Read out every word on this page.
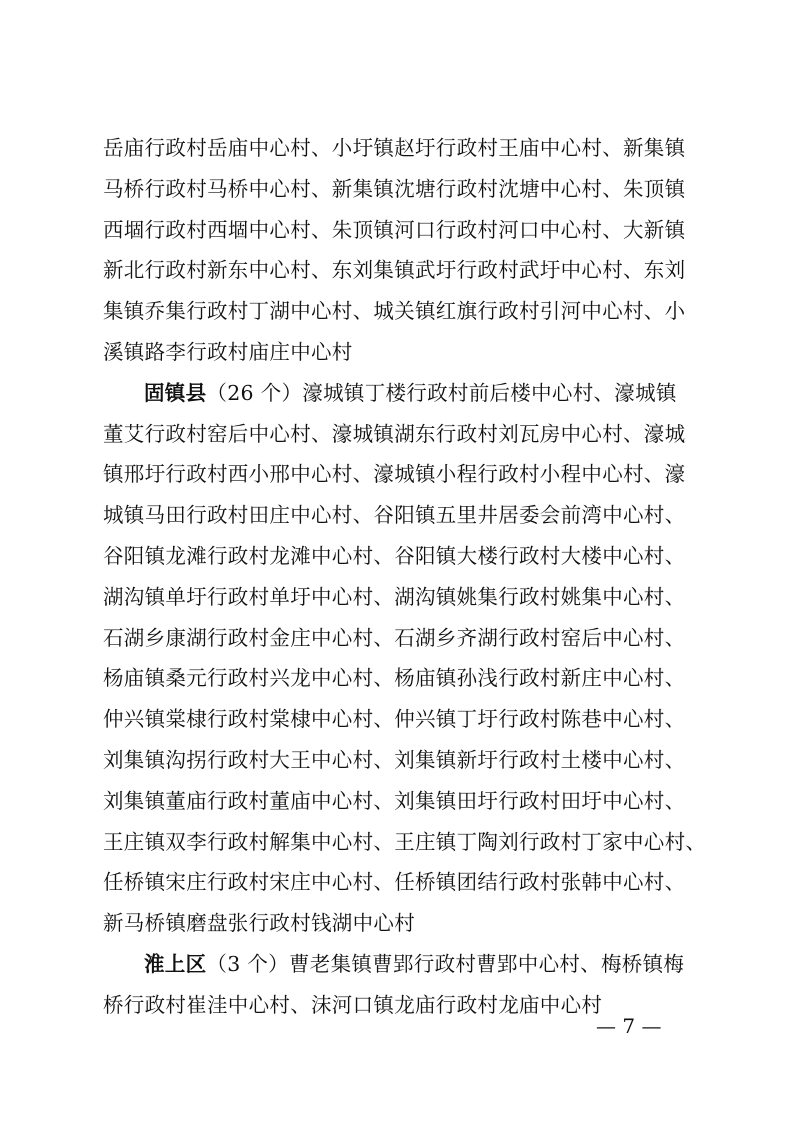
岳庙行政村岳庙中心村、小圩镇赵圩行政村王庙中心村、新集镇
马桥行政村马桥中心村、新集镇沈塘行政村沈塘中心村、朱顶镇
西堌行政村西堌中心村、朱顶镇河口行政村河口中心村、大新镇
新北行政村新东中心村、东刘集镇武圩行政村武圩中心村、东刘
集镇乔集行政村丁湖中心村、城关镇红旗行政村引河中心村、小
溪镇路李行政村庙庄中心村
固镇县（26 个）濠城镇丁楼行政村前后楼中心村、濠城镇
董艾行政村窑后中心村、濠城镇湖东行政村刘瓦房中心村、濠城
镇邢圩行政村西小邢中心村、濠城镇小程行政村小程中心村、濠
城镇马田行政村田庄中心村、谷阳镇五里井居委会前湾中心村、
谷阳镇龙滩行政村龙滩中心村、谷阳镇大楼行政村大楼中心村、
湖沟镇单圩行政村单圩中心村、湖沟镇姚集行政村姚集中心村、
石湖乡康湖行政村金庄中心村、石湖乡齐湖行政村窑后中心村、
杨庙镇桑元行政村兴龙中心村、杨庙镇孙浅行政村新庄中心村、
仲兴镇棠棣行政村棠棣中心村、仲兴镇丁圩行政村陈巷中心村、
刘集镇沟拐行政村大王中心村、刘集镇新圩行政村土楼中心村、
刘集镇董庙行政村董庙中心村、刘集镇田圩行政村田圩中心村、
王庄镇双李行政村解集中心村、王庄镇丁陶刘行政村丁家中心村、
任桥镇宋庄行政村宋庄中心村、任桥镇团结行政村张韩中心村、
新马桥镇磨盘张行政村钱湖中心村
淮上区（3 个）曹老集镇曹郢行政村曹郢中心村、梅桥镇梅
桥行政村崔洼中心村、沫河口镇龙庙行政村龙庙中心村
— 7 —
